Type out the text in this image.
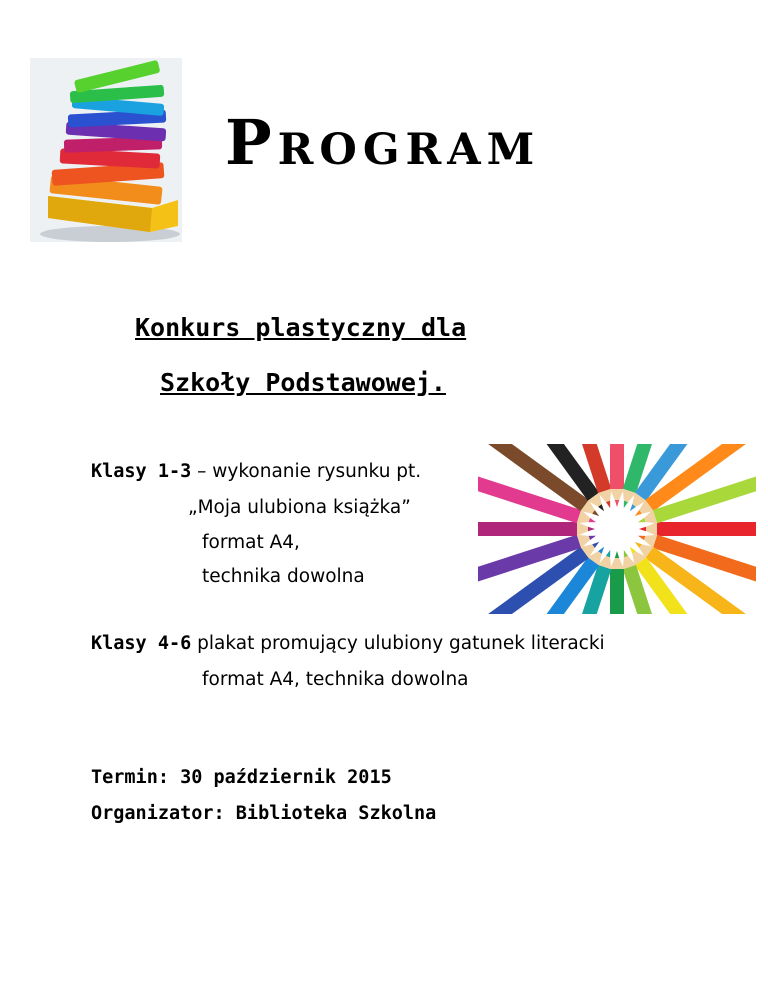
Program
Konkurs plastyczny dla
Szkoły Podstawowej.
Klasy 1-3 – wykonanie rysunku pt.
„Moja ulubiona książka”
format A4,
technika dowolna
Klasy 4-6 plakat promujący ulubiony gatunek literacki
format A4, technika dowolna
Termin: 30 październik 2015
Organizator: Biblioteka Szkolna
